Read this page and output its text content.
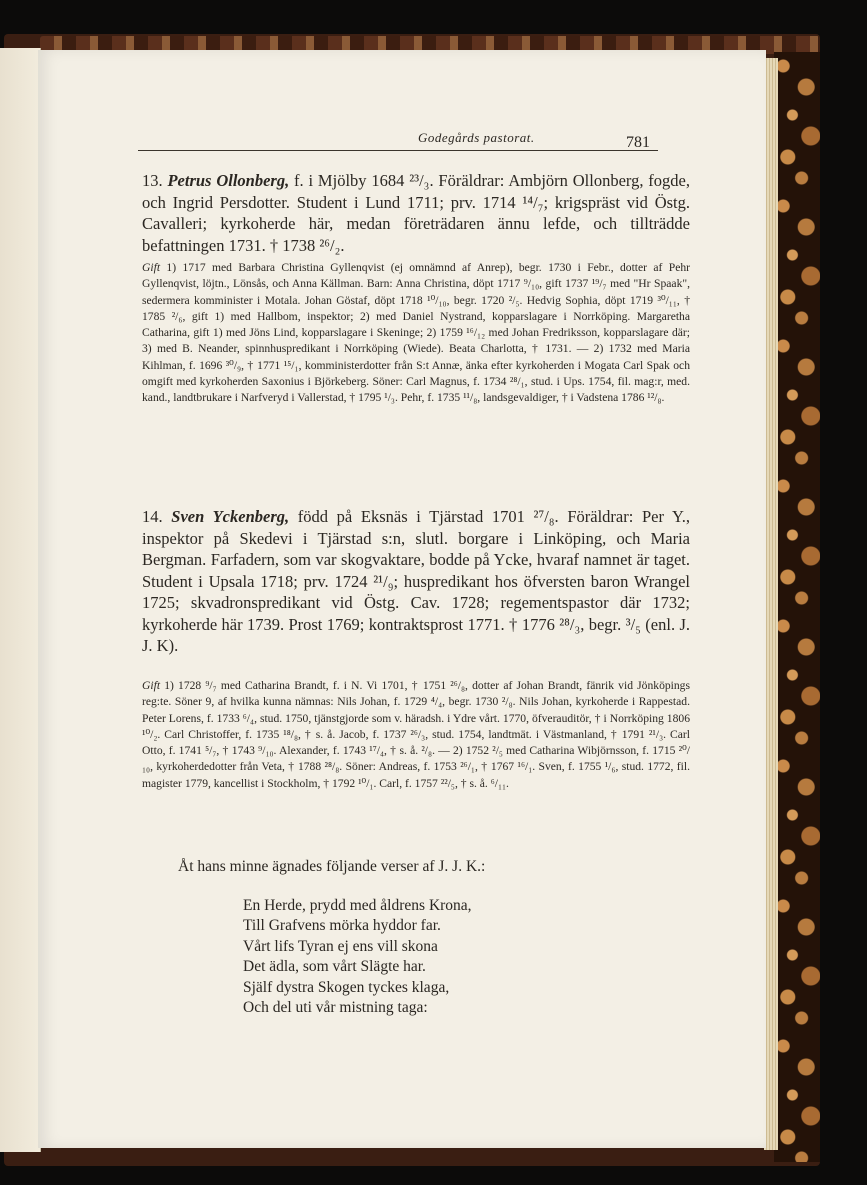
Godegårds pastorat.	781
13. Petrus Ollonberg, f. i Mjölby 1684 ²³/₃. Föräldrar: Ambjörn Ollonberg, fogde, och Ingrid Persdotter. Student i Lund 1711; prv. 1714 ¹⁴/₇; krigspräst vid Östg. Cavalleri; kyrkoherde här, medan företrädaren ännu lefde, och tillträdde befattningen 1731. † 1738 ²⁶/₂.
Gift 1) 1717 med Barbara Christina Gyllenqvist (ej omnämnd af Anrep), begr. 1730 i Febr., dotter af Pehr Gyllenqvist, löjtn., Lönsås, och Anna Källman. Barn: Anna Christina, döpt 1717 ⁹/₁₀, gift 1737 ¹⁹/₇ med "Hr Spaak", sedermera komminister i Motala. Johan Göstaf, döpt 1718 ¹⁰/₁₀, begr. 1720 ²/₅. Hedvig Sophia, döpt 1719 ³⁰/₁₁, † 1785 ²/₆, gift 1) med Hallbom, inspektor; 2) med Daniel Nystrand, kopparslagare i Norrköping. Margaretha Catharina, gift 1) med Jöns Lind, kopparslagare i Skeninge; 2) 1759 ¹⁶/₁₂ med Johan Fredriksson, kopparslagare där; 3) med B. Neander, spinnhuspredikant i Norrköping (Wiede). Beata Charlotta, † 1731. — 2) 1732 med Maria Kihlman, f. 1696 ³⁰/₉, † 1771 ¹⁵/₁, komministerdotter från S:t Annæ, änka efter kyrkoherden i Mogata Carl Spak och omgift med kyrkoherden Saxonius i Björkeberg. Söner: Carl Magnus, f. 1734 ²⁸/₁, stud. i Ups. 1754, fil. mag:r, med. kand., landtbrukare i Narfveryd i Vallerstad, † 1795 ¹/₃. Pehr, f. 1735 ¹¹/₈, landsgevaldiger, † i Vadstena 1786 ¹²/₈.
14. Sven Yckenberg, född på Eksnäs i Tjärstad 1701 ²⁷/₈. Föräldrar: Per Y., inspektor på Skedevi i Tjärstad s:n, slutl. borgare i Linköping, och Maria Bergman. Farfadern, som var skogvaktare, bodde på Ycke, hvaraf namnet är taget. Student i Upsala 1718; prv. 1724 ²¹/₉; huspredikant hos öfversten baron Wrangel 1725; skvadronspredikant vid Östg. Cav. 1728; regementspastor där 1732; kyrkoherde här 1739. Prost 1769; kontraktsprost 1771. † 1776 ²⁸/₃, begr. ³/₅ (enl. J. J. K).
Gift 1) 1728 ⁹/₇ med Catharina Brandt, f. i N. Vi 1701, † 1751 ²⁶/₈, dotter af Johan Brandt, fänrik vid Jönköpings reg:te. Söner 9, af hvilka kunna nämnas: Nils Johan, f. 1729 ⁴/₄, begr. 1730 ²/₈. Nils Johan, kyrkoherde i Rappestad. Peter Lorens, f. 1733 ⁶/₄, stud. 1750, tjänstgjorde som v. häradsh. i Ydre vårt. 1770, öfverauditör, † i Norrköping 1806 ¹⁰/₂. Carl Christoffer, f. 1735 ¹⁸/₈, † s. å. Jacob, f. 1737 ²⁶/₃, stud. 1754, landtmät. i Västmanland, † 1791 ²¹/₃. Carl Otto, f. 1741 ⁵/₇, † 1743 ⁹/₁₀. Alexander, f. 1743 ¹⁷/₄, † s. å. ²/₈. — 2) 1752 ²/₅ med Catharina Wibjörnsson, f. 1715 ²⁰/₁₀, kyrkoherdedotter från Veta, † 1788 ²⁸/₈. Söner: Andreas, f. 1753 ²⁶/₁, † 1767 ¹⁶/₁. Sven, f. 1755 ¹/₆, stud. 1772, fil. magister 1779, kancellist i Stockholm, † 1792 ¹⁰/₁. Carl, f. 1757 ²²/₅, † s. å. ⁶/₁₁.
Åt hans minne ägnades följande verser af J. J. K.:
En Herde, prydd med åldrens Krona,
Till Grafvens mörka hyddor far.
Vårt lifs Tyran ej ens vill skona
Det ädla, som vårt Slägte har.
Själf dystra Skogen tyckes klaga,
Och del uti vår mistning taga:
